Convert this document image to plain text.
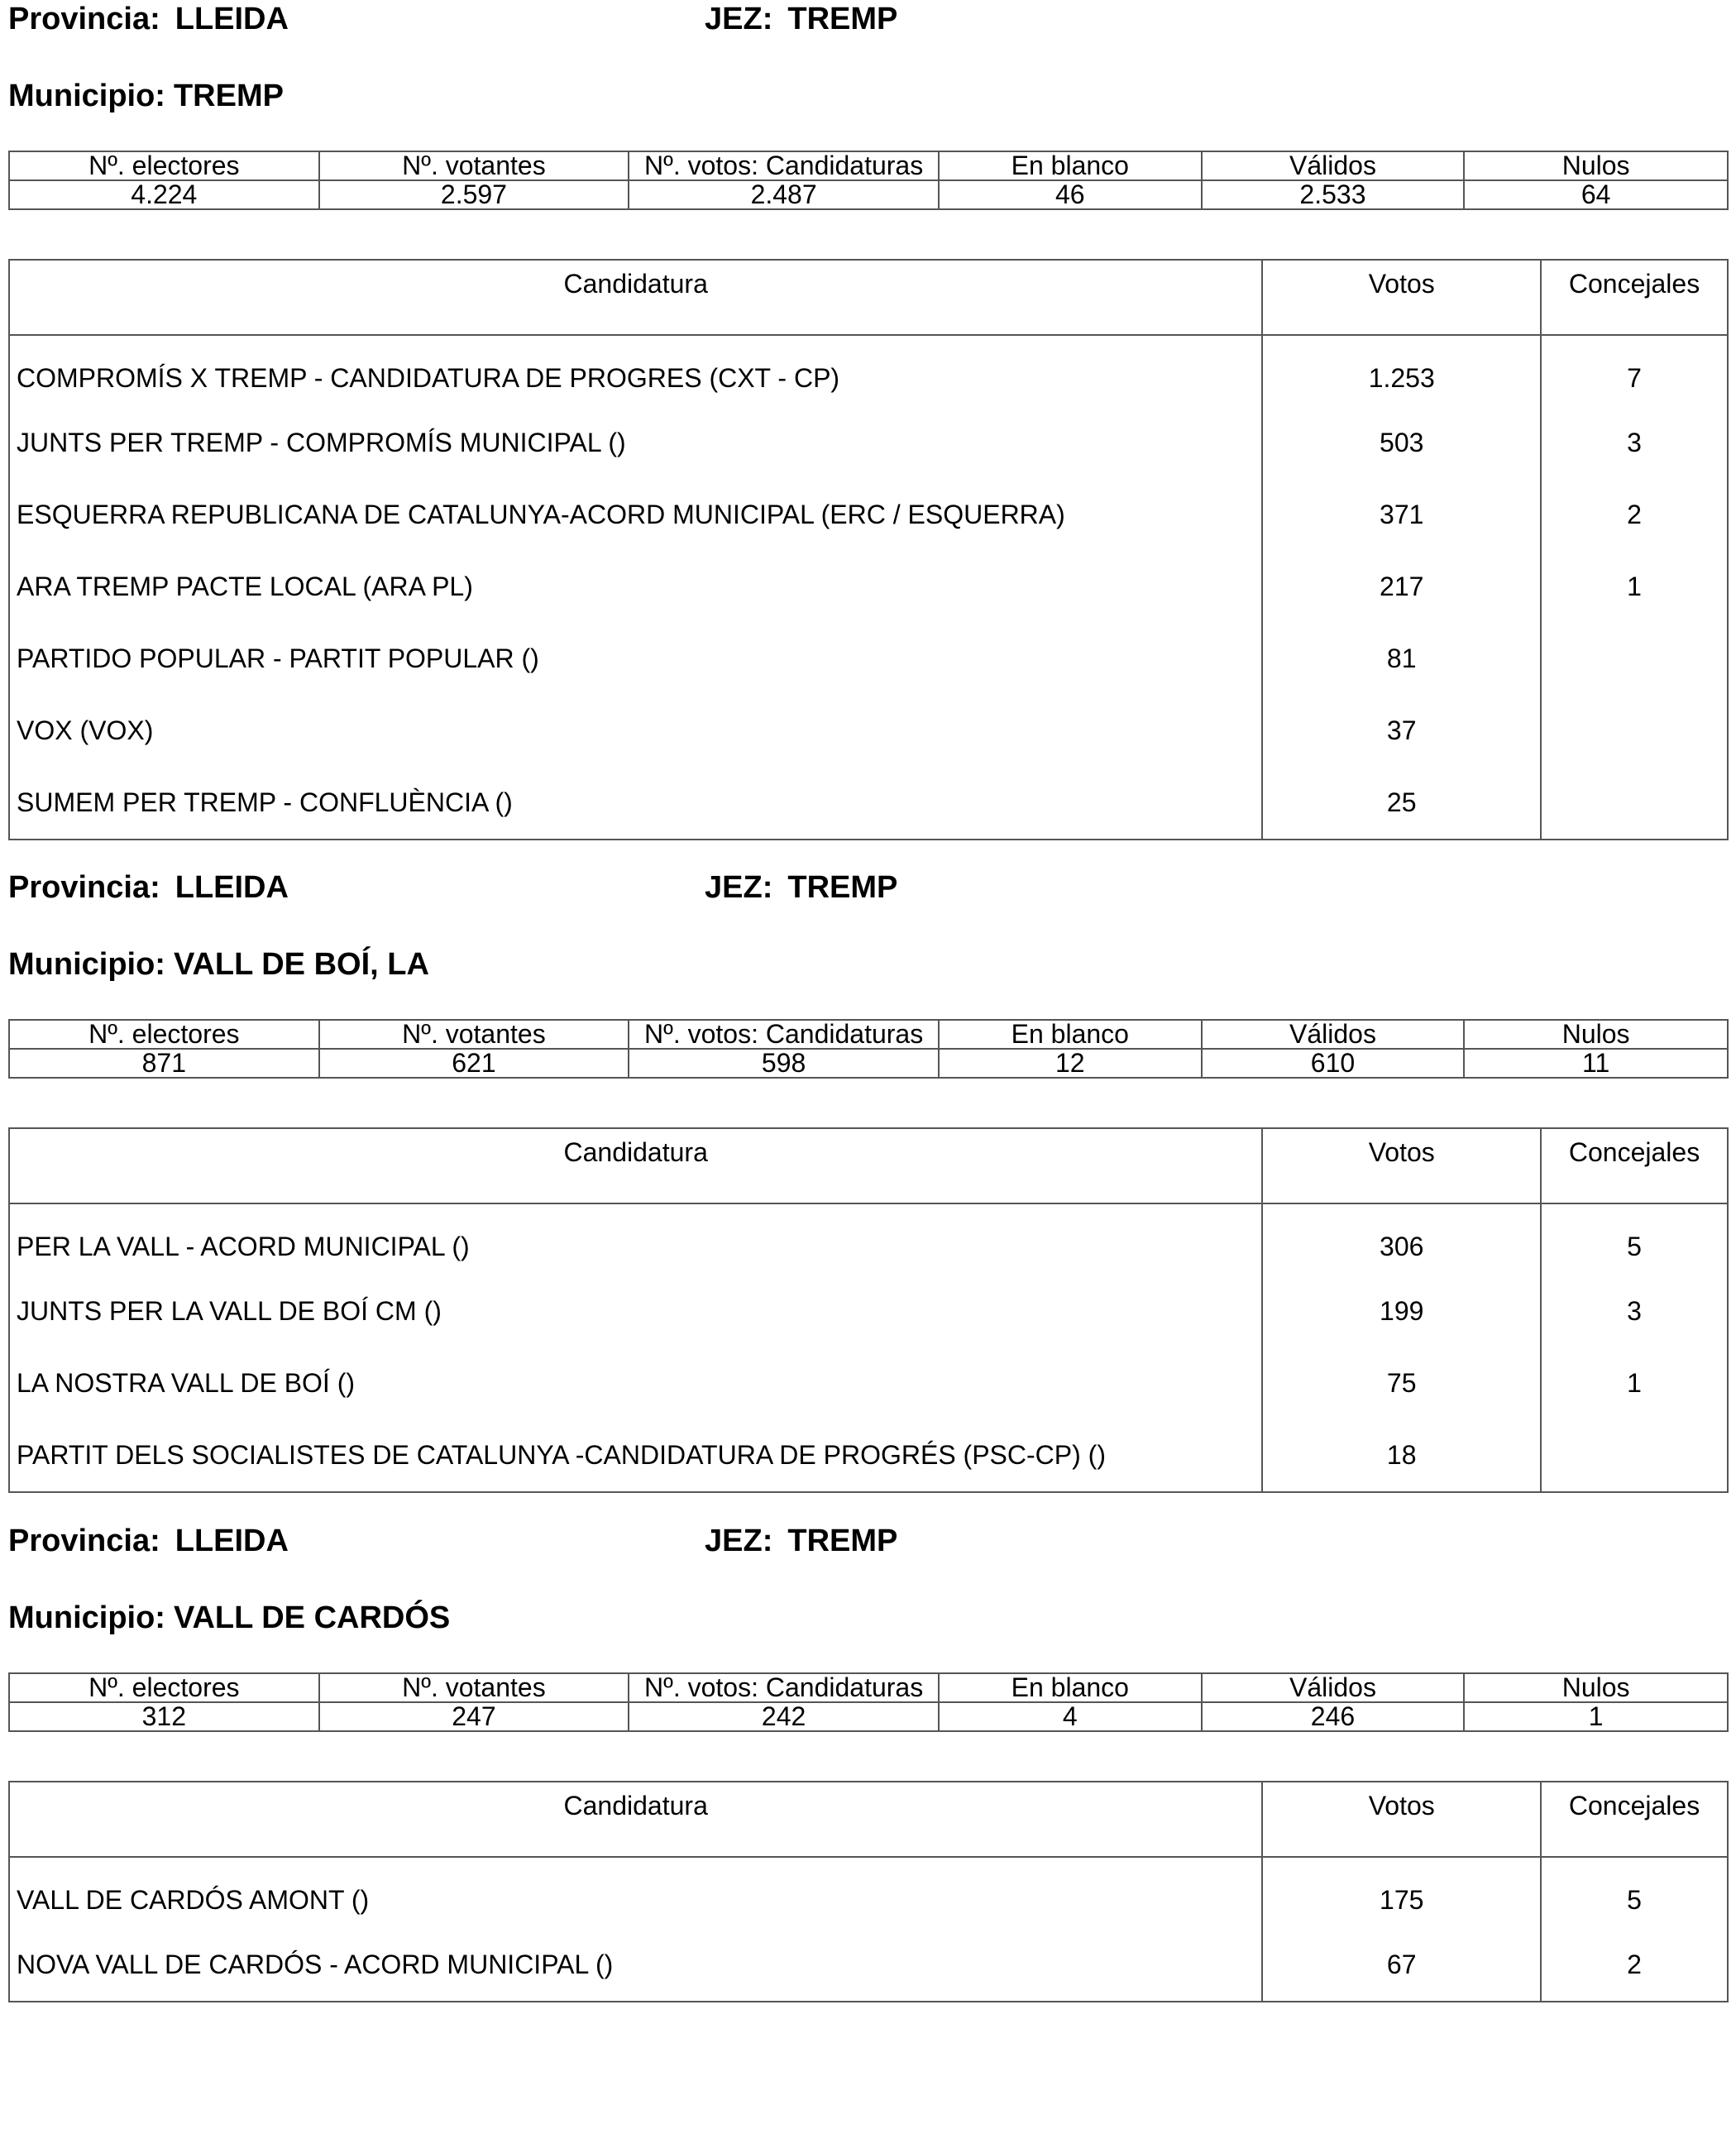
Provincia: LLEIDA	JEZ: TREMP
Municipio: TREMP
Nº. electores	Nº. votantes	Nº. votos: Candidaturas	En blanco	Válidos	Nulos
4.224	2.597	2.487	46	2.533	64
Candidatura	Votos	Concejales
COMPROMÍS X TREMP - CANDIDATURA DE PROGRES (CXT - CP)	1.253	7
JUNTS PER TREMP - COMPROMÍS MUNICIPAL ()	503	3
ESQUERRA REPUBLICANA DE CATALUNYA-ACORD MUNICIPAL (ERC / ESQUERRA)	371	2
ARA TREMP PACTE LOCAL (ARA PL)	217	1
PARTIDO POPULAR - PARTIT POPULAR ()	81	
VOX (VOX)	37	
SUMEM PER TREMP - CONFLUÈNCIA ()	25	
Provincia: LLEIDA	JEZ: TREMP
Municipio: VALL DE BOÍ, LA
Nº. electores	Nº. votantes	Nº. votos: Candidaturas	En blanco	Válidos	Nulos
871	621	598	12	610	11
Candidatura	Votos	Concejales
PER LA VALL - ACORD MUNICIPAL ()	306	5
JUNTS PER LA VALL DE BOÍ CM ()	199	3
LA NOSTRA VALL DE BOÍ ()	75	1
PARTIT DELS SOCIALISTES DE CATALUNYA -CANDIDATURA DE PROGRÉS (PSC-CP) ()	18	
Provincia: LLEIDA	JEZ: TREMP
Municipio: VALL DE CARDÓS
Nº. electores	Nº. votantes	Nº. votos: Candidaturas	En blanco	Válidos	Nulos
312	247	242	4	246	1
Candidatura	Votos	Concejales
VALL DE CARDÓS AMONT ()	175	5
NOVA VALL DE CARDÓS - ACORD MUNICIPAL ()	67	2
